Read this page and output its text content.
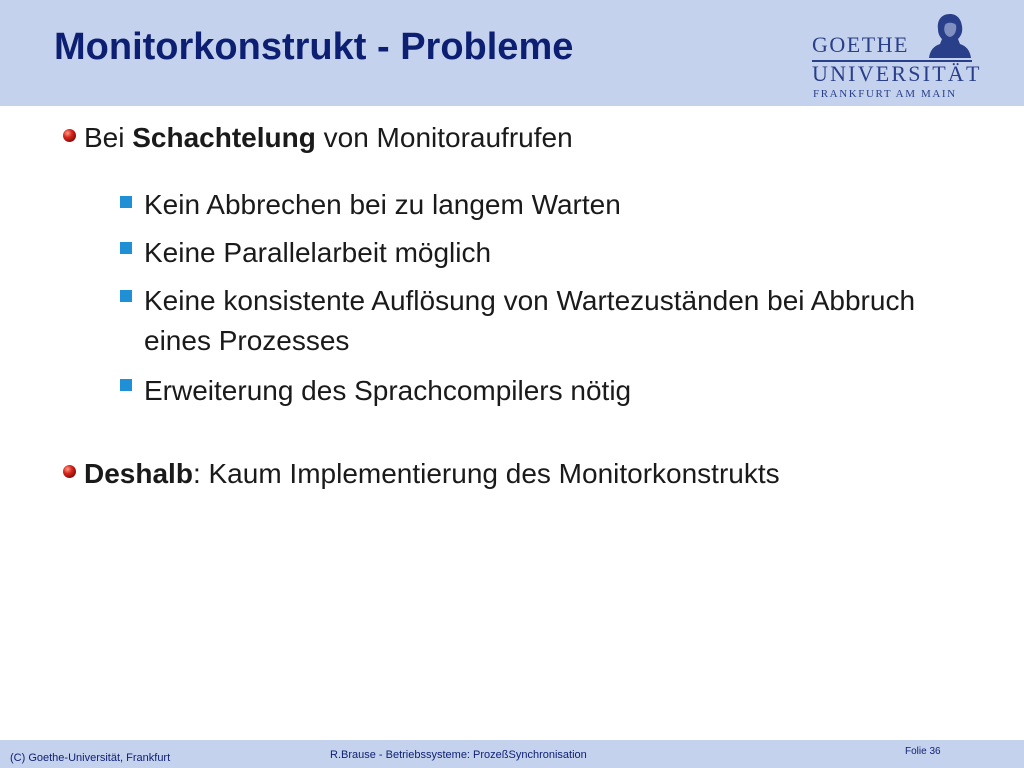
Monitorkonstrukt - Probleme	GOETHE
UNIVERSITÄT
FRANKFURT AM MAIN
Bei Schachtelung von Monitoraufrufen
Kein Abbrechen bei zu langem Warten
Keine Parallelarbeit möglich
Keine konsistente Auflösung von Wartezuständen bei Abbruch eines Prozesses
Erweiterung des Sprachcompilers nötig
Deshalb: Kaum Implementierung des Monitorkonstrukts
(C) Goethe-Universität, Frankfurt	R.Brause - Betriebssysteme: ProzeßSynchronisation	Folie 36
